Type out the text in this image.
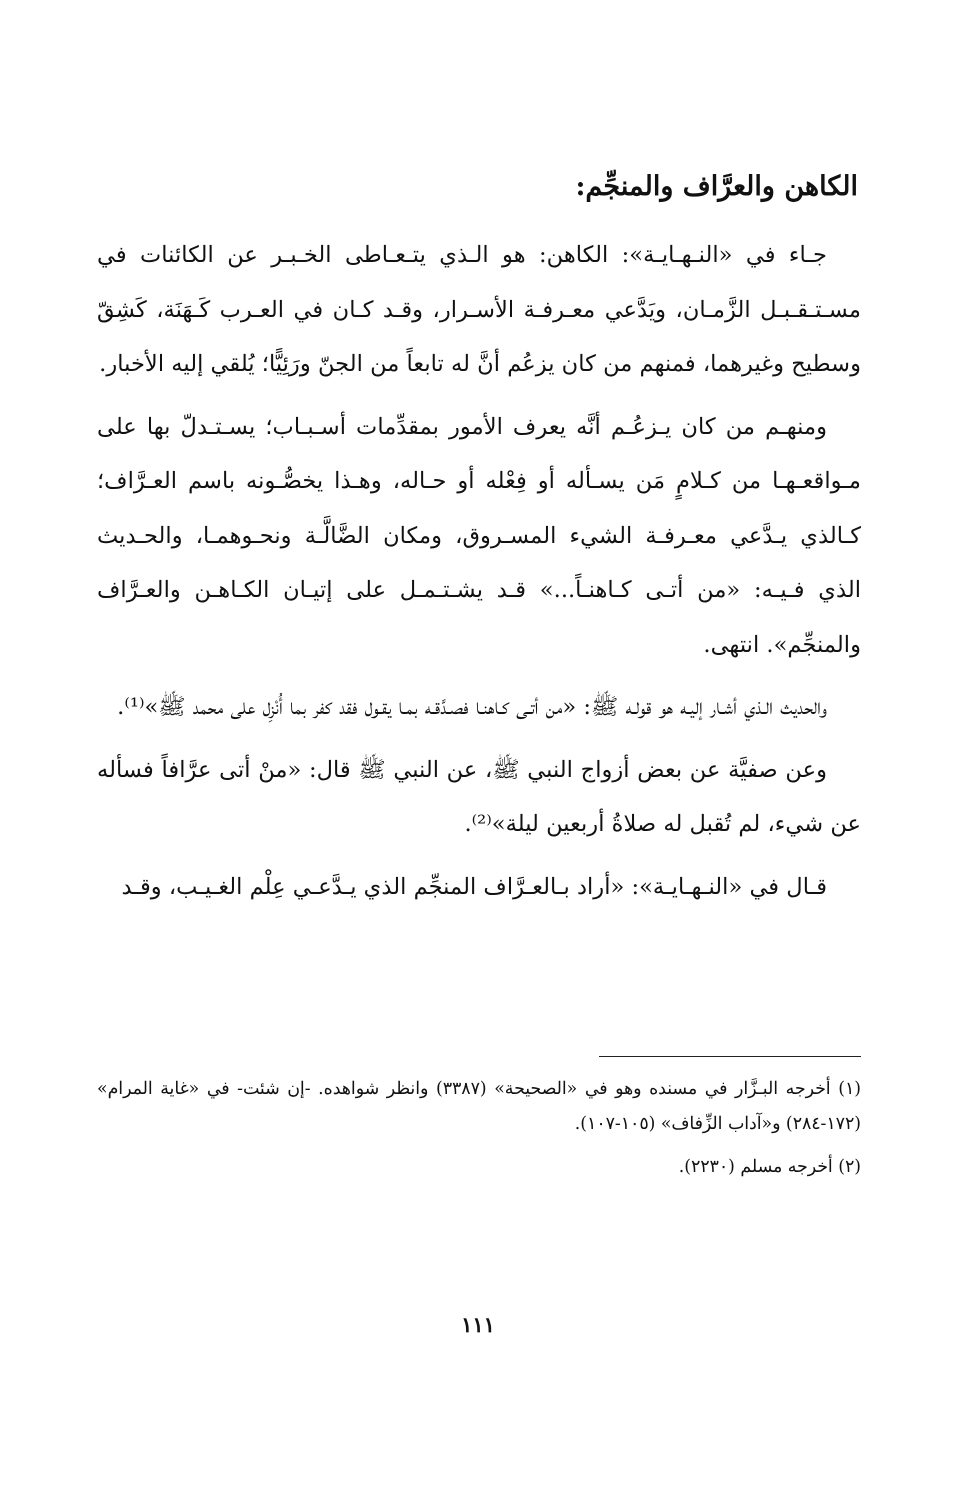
الكاهن والعرَّاف والمنجِّم:

جـاء في «النـهـايـة»: الكاهن: هو الـذي يتـعـاطى الخـبـر عن الكائنات في مسـتـقـبـل الزَّمـان، ويَدَّعي معـرفـة الأسـرار، وقـد كـان في العـرب كَـهَنَة، كَشِقّ وسطيح وغيرهما، فمنهم من كان يزعُم أنَّ له تابعاً من الجنّ ورَئِيًّا؛ يُلقي إليه الأخبار.

ومنهـم من كان يـزعُـم أنَّه يعرف الأمور بمقدِّمات أسـبـاب؛ يسـتـدلّ بها على مـواقعـهـا من كـلامٍ مَن يسـأله أو فِعْله أو حـاله، وهـذا يخصُّـونه باسم العـرَّاف؛ كـالذي يـدَّعي معـرفـة الشيء المسـروق، ومكان الضَّالَّـة ونحـوهمـا، والحـديث الذي فـيـه: «من أتـى كـاهنـاً...» قـد يشـتـمـل على إتيـان الكـاهـن والعـرَّاف والمنجِّم». انتهى.

والحديث الـذي أشـار إليـه هو قولـه ﷺ: «من أتـى كـاهنـا فصـدَّقـه بمـا يقـول فقد كفر بما أُنْزِل على محمد ﷺ»⁽¹⁾.

وعن صفيَّة عن بعض أزواج النبي ﷺ، عن النبي ﷺ قال: «منْ أتى عرَّافاً فسأله عن شيء، لم تُقبل له صلاةُ أربعين ليلة»⁽²⁾.

قـال في «النـهـايـة»: «أراد بـالعـرَّاف المنجِّم الذي يـدَّعـي عِلْم الغـيـب، وقـد

(١) أخرجه البـزَّار في مسنده وهو في «الصحيحة» (٣٣٨٧) وانظر شواهده. -إن شئت- في «غاية المرام» (١٧٢-٢٨٤) و«آداب الزِّفاف» (١٠٥-١٠٧).

(٢) أخرجه مسلم (٢٢٣٠).

١١١
